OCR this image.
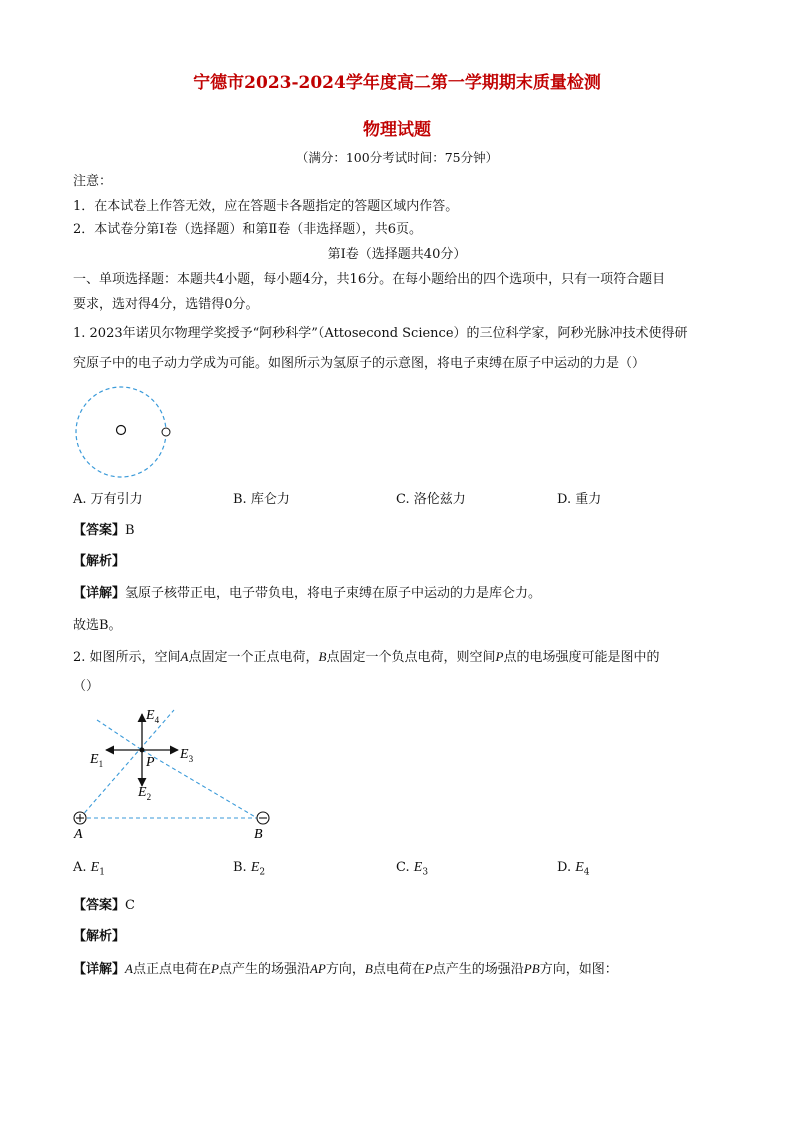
宁德市2023-2024学年度高二第一学期期末质量检测
物理试题
（满分：100分考试时间：75分钟）
注意：
1．在本试卷上作答无效，应在答题卡各题指定的答题区域内作答。
2．本试卷分第Ⅰ卷（选择题）和第Ⅱ卷（非选择题），共6页。
第Ⅰ卷（选择题共40分）
一、单项选择题：本题共4小题，每小题4分，共16分。在每小题给出的四个选项中，只有一项符合题目
要求，选对得4分，选错得0分。
1. 2023年诺贝尔物理学奖授予“阿秒科学”（Attosecond Science）的三位科学家，阿秒光脉冲技术使得研
究原子中的电子动力学成为可能。如图所示为氢原子的示意图，将电子束缚在原子中运动的力是（）
A. 万有引力	B. 库仑力	C. 洛伦兹力	D. 重力
【答案】B
【解析】
【详解】氢原子核带正电，电子带负电，将电子束缚在原子中运动的力是库仑力。
故选B。
2. 如图所示，空间A点固定一个正点电荷，B点固定一个负点电荷，则空间P点的电场强度可能是图中的
（）
$E_4$
$E_1$
$E_3$
$E_2$
P
A	B
A. $E_1$	B. $E_2$	C. $E_3$	D. $E_4$
【答案】C
【解析】
【详解】A点正点电荷在P点产生的场强沿AP方向，B点电荷在P点产生的场强沿PB方向，如图：
